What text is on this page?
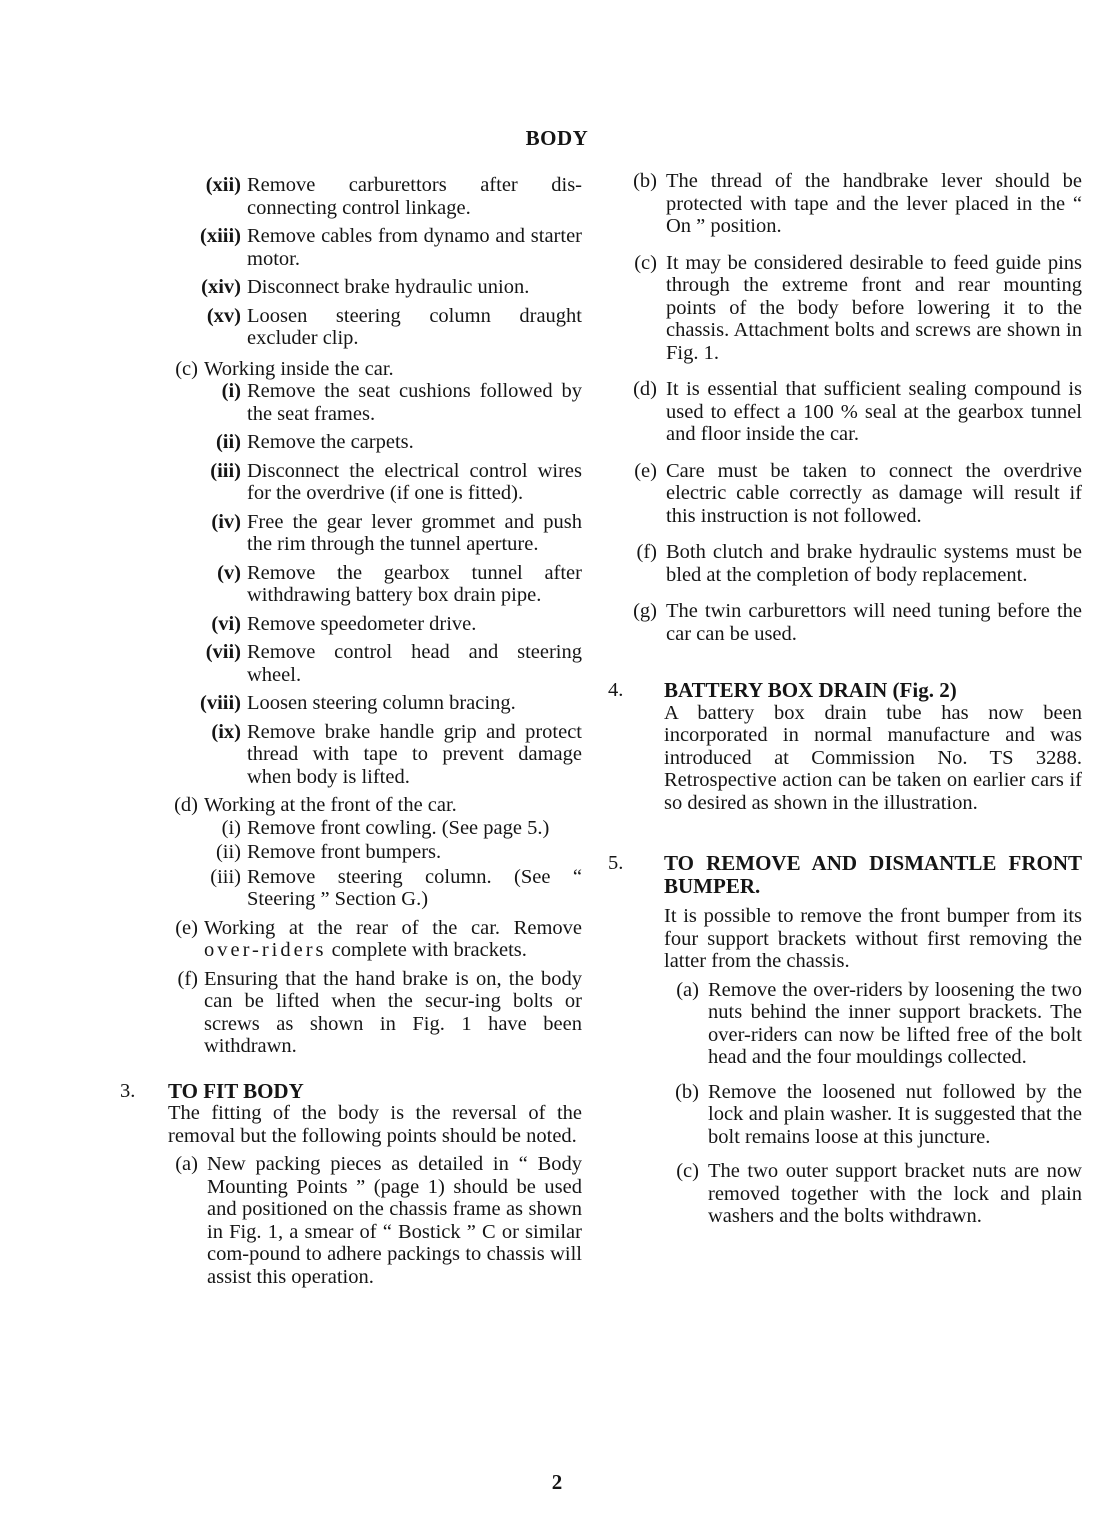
BODY
(xii) Remove carburettors after dis-connecting control linkage.
(xiii) Remove cables from dynamo and starter motor.
(xiv) Disconnect brake hydraulic union.
(xv) Loosen steering column draught excluder clip.
(c) Working inside the car.
(i) Remove the seat cushions followed by the seat frames.
(ii) Remove the carpets.
(iii) Disconnect the electrical control wires for the overdrive (if one is fitted).
(iv) Free the gear lever grommet and push the rim through the tunnel aperture.
(v) Remove the gearbox tunnel after withdrawing battery box drain pipe.
(vi) Remove speedometer drive.
(vii) Remove control head and steering wheel.
(viii) Loosen steering column bracing.
(ix) Remove brake handle grip and protect thread with tape to prevent damage when body is lifted.
(d) Working at the front of the car.
(i) Remove front cowling. (See page 5.)
(ii) Remove front bumpers.
(iii) Remove steering column. (See “ Steering ” Section G.)
(e) Working at the rear of the car. Remove over-riders complete with brackets.
(f) Ensuring that the hand brake is on, the body can be lifted when the secur-ing bolts or screws as shown in Fig. 1 have been withdrawn.
3.	TO FIT BODY
The fitting of the body is the reversal of the removal but the following points should be noted.
(a) New packing pieces as detailed in “ Body Mounting Points ” (page 1) should be used and positioned on the chassis frame as shown in Fig. 1, a smear of “ Bostick ” C or similar com-pound to adhere packings to chassis will assist this operation.
(b) The thread of the handbrake lever should be protected with tape and the lever placed in the “ On ” position.
(c) It may be considered desirable to feed guide pins through the extreme front and rear mounting points of the body before lowering it to the chassis. Attachment bolts and screws are shown in Fig. 1.
(d) It is essential that sufficient sealing compound is used to effect a 100 % seal at the gearbox tunnel and floor inside the car.
(e) Care must be taken to connect the overdrive electric cable correctly as damage will result if this instruction is not followed.
(f) Both clutch and brake hydraulic systems must be bled at the completion of body replacement.
(g) The twin carburettors will need tuning before the car can be used.
4.	BATTERY BOX DRAIN (Fig. 2)
A battery box drain tube has now been incorporated in normal manufacture and was introduced at Commission No. TS 3288. Retrospective action can be taken on earlier cars if so desired as shown in the illustration.
5.	TO REMOVE AND DISMANTLE FRONT BUMPER.
It is possible to remove the front bumper from its four support brackets without first removing the latter from the chassis.
(a) Remove the over-riders by loosening the two nuts behind the inner support brackets. The over-riders can now be lifted free of the bolt head and the four mouldings collected.
(b) Remove the loosened nut followed by the lock and plain washer. It is suggested that the bolt remains loose at this juncture.
(c) The two outer support bracket nuts are now removed together with the lock and plain washers and the bolts withdrawn.
2
